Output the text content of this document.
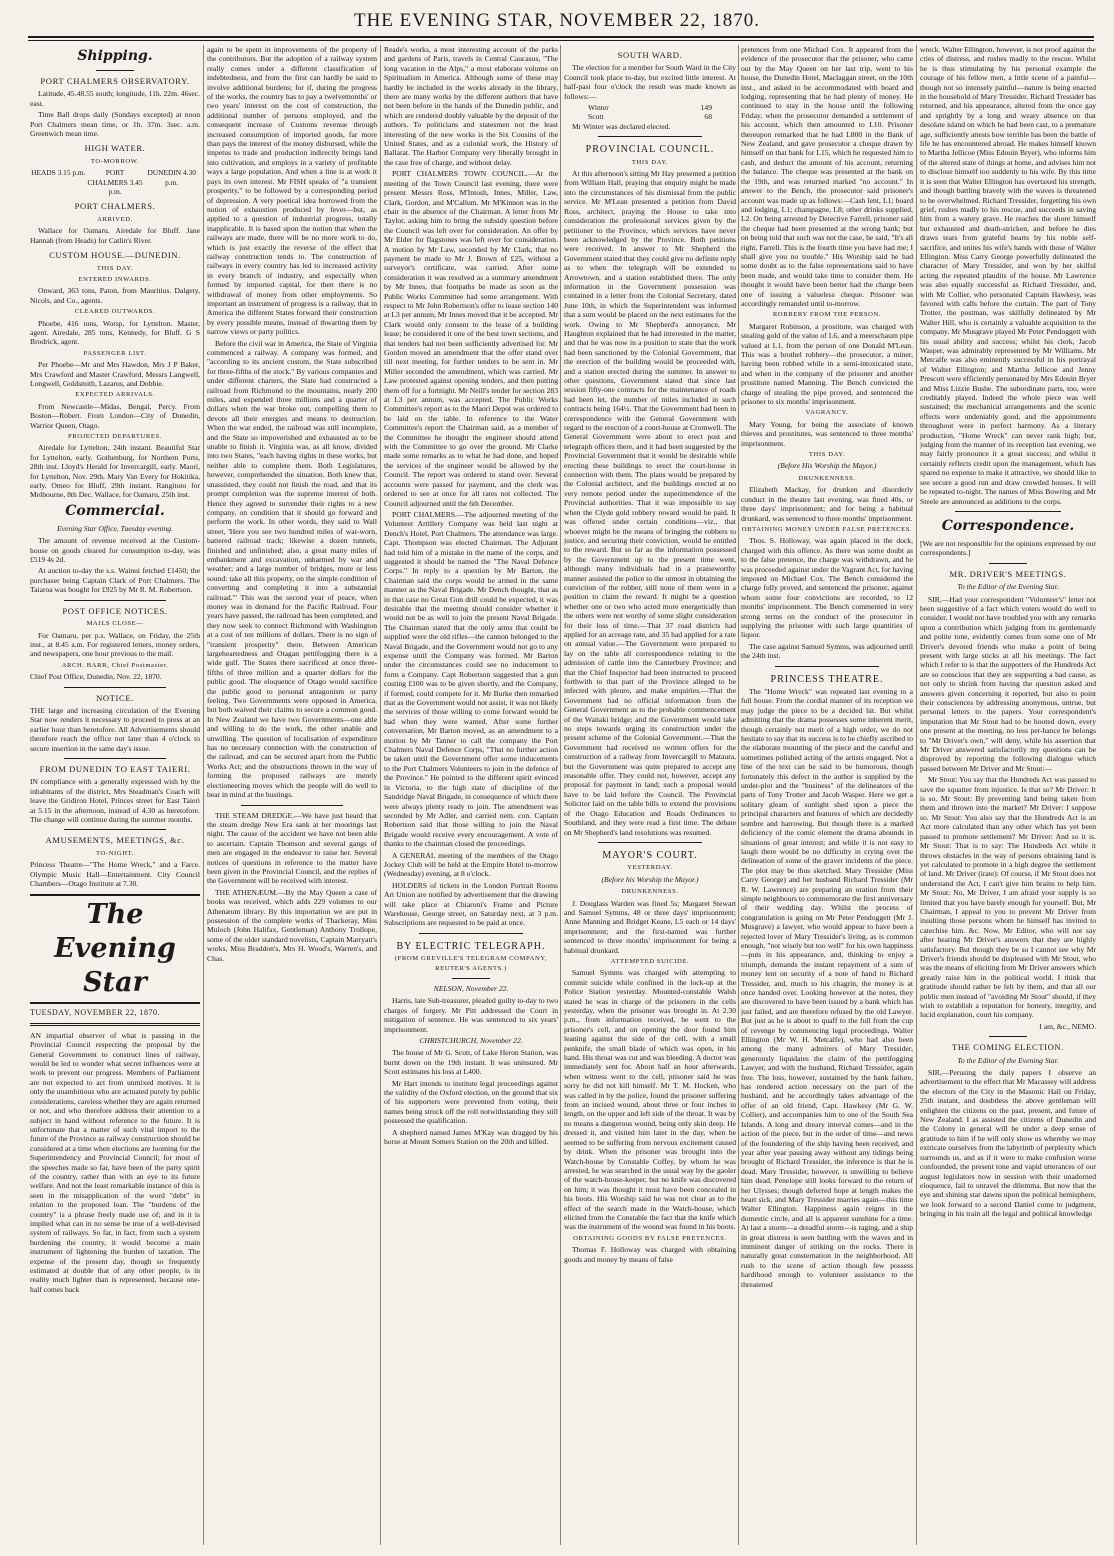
THE EVENING STAR, NOVEMBER 22, 1870.
Shipping.
PORT CHALMERS OBSERVATORY.

Latitude, 45.48.55 south; longitude, 11h. 22m. 46sec. east.

Time Ball drops daily (Sundays excepted) at noon Port Chalmers mean time, or 1h. 37m. 3sec. a.m. Greenwich mean time.

HIGH WATER.
TO-MORROW.
HEADS 3.15 p.m.	PORT CHALMERS 3.45 p.m.
DUNEDIN 4.30 p.m.
PORT CHALMERS.
ARRIVED.

Wallace for Oamaru. Airedale for Bluff. Jane Hannah (from Heads) for Catlin's River.

CUSTOM HOUSE.—DUNEDIN.
THIS DAY.
ENTERED INWARDS.

Onward, 363 tons, Paton, from Mauritius. Dalgety, Nicols, and Co., agents.

CLEARED OUTWARDS.

Phoebe, 416 tons, Worsp, for Lyttelton. Master, agent. Airedale, 285 tons, Kennedy, for Bluff. G S Brodrick, agent.

PASSENGER LIST.

Per Phoebe—Mr and Mrs Hawdon, Mrs J P Baker, Mrs Crawford and Master Crawford, Messrs Langwell, Longwell, Goldsmith, Lazarus, and Dobbie.

EXPECTED ARRIVALS.

From Newcastle—Midas, Bengal, Percy. From Boston—Robert. From London—City of Dunedin, Warrior Queen, Otago.

PROJECTED DEPARTURES.

Airedale for Lyttelton, 24th instant. Beautiful Star for Lyttelton, early. Gothenburg, for Northern Ports, 28th inst. Lloyd's Herald for Invercargill, early. Maori, for Lyttelton, Nov. 29th. Mary Van Every for Hokitika, early. Omeo for Bluff, 29th instant. Rangitoto for Melbourne, 8th Dec. Wallace, for Oamaru, 25th inst.

Commercial.
Evening Star Office, Tuesday evening.

The amount of revenue received at the Custom-house on goods cleared for consumption to-day, was £519 4s 2d.

At auction to-day the s.s. Wainui fetched £1450; the purchaser being Captain Clark of Port Chalmers. The Taiaroa was bought for £925 by Mr R. M. Robertson.

POST OFFICE NOTICES.
MAILS CLOSE—

For Oamaru, per p.s. Wallace, on Friday, the 25th inst., at 8.45 a.m. For registered letters, money orders, and newspapers, one hour previous to the mail.

ARCH. BARR, Chief Postmaster.

Chief Post Office, Dunedin, Nov. 22, 1870.

NOTICE.

THE large and increasing circulation of the Evening Star now renders it necessary to proceed to press at an earlier hour than heretofore. All Advertisements should therefore reach the office not later than 4 o'clock to secure insertion in the same day's issue.

FROM DUNEDIN TO EAST TAIERI.

IN compliance with a generally expressed wish by the inhabitants of the district, Mrs Steadman's Coach will leave the Gridiron Hotel, Princes street for East Taieri at 5.15 in the afternoon, instead of 4.30 as heretofore. The change will continue during the summer months.

AMUSEMENTS, MEETINGS, &c.
TO-NIGHT.

Princess Theatre—"The Home Wreck," and a Farce. Olympic Music Hall—Entertainment. City Council Chambers—Otago Institute at 7.30.

The Evening Star
TUESDAY, NOVEMBER 22, 1870.

AN impartial observer of what is passing in the Provincial Council respecting the proposal by the General Government to construct lines of railway, would be led to wonder what secret influences were at work to prevent our progress. Members of Parliament are not expected to act from unmixed motives. It is only the unambitious who are actuated purely by public considerations, careless whether they are again returned or not, and who therefore address their attention to a subject in hand without reference to the future. It is unfortunate that a matter of such vital import to the future of the Province as railway construction should be considered at a time when elections are looming for the Superintendency and Provincial Council; for most of the speeches made so far, have been of the party spirit of the country, rather than with an eye to its future welfare. And not the least remarkable instance of this is seen in the misapplication of the word "debt" in relation to the proposed loan. The "burdens of the country" is a phrase freely made use of; and in it is implied what can in no sense be true of a well-devised system of railways. So far, in fact, from such a system burdening the country, it would become a main instrument of lightening the burden of taxation. The expense of the present day, though so frequently estimated at double that of any other people, is in reality much lighter than is represented, because one-half comes back

again to be spent in improvements of the property of the contributors. But the adoption of a railway system really comes under a different classification of indebtedness, and from the first can hardly be said to involve additional burdens; for if, during the progress of the works, the country has to pay a twelvemonths' or two years' interest on the cost of construction, the additional number of persons employed, and the consequent increase of Customs revenue through increased consumption of imported goods, far more than pays the interest of the money disbursed, while the impetus to trade and production indirectly brings land into cultivation, and employs in a variety of profitable ways a large population. And when a line is at work it pays its own interest. Mr FISH speaks of "a transient prosperity," to be followed by a corresponding period of depression. A very poetical idea borrowed from the notion of exhaustion produced by fever—but, as applied to a question of industrial progress, totally inapplicable. It is based upon the notion that when the railways are made, there will be no more work to do, which is just exactly the reverse of the effect that railway construction tends to. The construction of railways in every country has led to increased activity in every branch of industry, and especially when formed by imported capital, for then there is no withdrawal of money from other employments. So important an instrument of progress is a railway, that in America the different States forward their construction by every possible means, instead of thwarting them by narrow views or party politics.

Before the civil war in America, the State of Virginia commenced a railway. A company was formed, and "according to its ancient custom, the State subscribed for three-fifths of the stock." By various companies and under different charters, the State had constructed a railroad from Richmond to the mountains, nearly 200 miles, and expended three millions and a quarter of dollars when the war broke out, compelling them to devote all their energies and means to destruction. When the war ended, the railroad was still incomplete, and the State so impoverished and exhausted as to be unable to finish it. Virginia was, as all know, divided into two States, "each having rights in these works, but neither able to complete them. Both Legislatures, however, comprehended the situation. Both knew that, unassisted, they could not finish the road, and that its prompt completion was the supreme interest of both. Hence they agreed to surrender their rights to a new company, on condition that it should go forward and perform the work. In other words, they said to Wall street, 'Here you see two hundred miles of war-worn, battered railroad track; likewise a dozen tunnels, finished and unfinished; also, a great many miles of embankment and excavation, unharmed by war and weather; and a large number of bridges, more or less sound: take all this property, on the simple condition of converting and completing it into a substantial railroad.'" This was the second year of peace, when money was in demand for the Pacific Railroad. Four years have passed, the railroad has been completed, and they now seek to connect Richmond with Washington at a cost of ten millions of dollars. There is no sign of "transient prosperity" there. Between American largeheartedness and Otagan pettifogging there is a wide gulf. The States there sacrificed at once three-fifths of three million and a quarter dollars for the public good. The eloquence of Otago would sacrifice the public good to personal antagonism or party feeling. Two Governments were opposed in America, but both waived their claims to secure a common good. In New Zealand we have two Governments—one able and willing to do the work, the other unable and unwilling. The question of localisation of expenditure has no necessary connection with the construction of the railroad, and can be secured apart from the Public Works Act; and the obstructions thrown in the way of forming the proposed railways are merely electioneering moves which the people will do well to bear in mind at the hustings.

THE STEAM DREDGE.—We have just heard that the steam dredge New Era sank at her moorings last night. The cause of the accident we have not been able to ascertain. Captain Thomson and several gangs of men are engaged in the endeavor to raise her. Several notices of questions in reference to the matter have been given in the Provincial Council, and the replies of the Government will be received with interest.

THE ATHENÆUM.—By the May Queen a case of books was received, which adds 229 volumes to our Athenæum library. By this importation we are put in possession of the complete works of Thackeray, Miss Muloch (John Halifax, Gentleman) Anthony Trollope, some of the older standard novelists, Captain Marryatt's works, Miss Braddon's, Mrs H. Wood's, Warren's, and Chas.

Reade's works, a most interesting account of the parks and gardens of Paris, travels in Central Caucasus, "The long vacation in the Alps," a most elaborate volume on Spiritualism in America. Although some of these may hardly be included in the works already in the library, there are many works by the different authors that have not been before in the hands of the Dunedin public, and which are rendered doubly valuable by the deposit of the authors. To politicians and statesmen not the least interesting of the new works is the Six Cousins of the United States, and as a colonial work, the History of Ballarat. The Harbor Company very liberally brought in the case free of charge, and without delay.

PORT CHALMERS TOWN COUNCIL.—At the meeting of the Town Council last evening, there were present Messrs Ross, M'Intosh, Innes, Miller, Law, Clark, Gordon, and M'Callum. Mr M'Kinnon was in the chair in the absence of the Chairman. A letter from Mr Taylor, asking him to bring the subsidy question before the Council was left over for consideration. An offer by Mr Elder for flagstones was left over for consideration. A motion by Mr Law, seconded by Mr Clark, that no payment be made to Mr J. Brown of £25, without a surveyor's certificate, was carried. After some consideration it was resolved as a summary amendment by Mr Innes, that footpaths be made as soon as the Public Works Committee had some arrangement. With respect to Mr John Robertson's offer to lease section 140 at L3 per annum, Mr Innes moved that it be accepted. Mr Clark would only consent to the lease of a building lease; he considered it one of the best town sections, and that tenders had not been sufficiently advertised for. Mr Gordon moved an amendment that the offer stand over till next meeting, for further tenders to be sent in. Mr Miller seconded the amendment, which was carried. Mr Law protested against opening tenders, and then putting them off for a fortnight. Mr Neill's tender for section 283 at L3 per annum, was accepted. The Public Works Committee's report as to the Maori Depot was ordered to be laid on the table. In reference to the Water Committee's report the Chairman said, as a member of the Committee he thought the engineer should attend with the Committee to go over the ground. Mr Clarke made some remarks as to what he had done, and hoped the services of the engineer would be allowed by the Council. The report was ordered to stand over. Several accounts were passed for payment, and the clerk was ordered to see at once for all rates not collected. The Council adjourned until the 6th December.

PORT CHALMERS.—The adjourned meeting of the Volunteer Artillery Company was held last night at Dench's Hotel, Port Chalmers. The attendance was large. Capt. Thompson was elected Chairman. The Adjutant had told him of a mistake in the name of the corps, and suggested it should be named the "The Naval Defence Corps." In reply to a question by Mr Barton, the Chairman said the corps would be armed in the same manner as the Naval Brigade. Mr Dench thought, that as in that case no Great Gun drill could be expected, it was desirable that the meeting should consider whether it would not be as well to join the present Naval Brigade. The Chairman stated that the only arms that could be supplied were the old rifles—the cannon belonged to the Naval Brigade, and the Government would not go to any expense until the Company was formed. Mr Barton under the circumstances could see no inducement to form a Company. Capt Robertson suggested that a gun costing £100 was to be given shortly, and the Company, if formed, could compete for it. Mr Burke then remarked that as the Government would not assist, it was not likely the services of those willing to come forward would be had when they were wanted. After some further conversation, Mr Barton moved, as an amendment to a motion by Mr Tanner to call the company the Port Chalmers Naval Defence Corps, "That no further action be taken until the Government offer some inducements to the Port Chalmers Volunteers to join in the defence of the Province." He pointed to the different spirit evinced in Victoria, to the high state of discipline of the Sandridge Naval Brigade, in consequence of which there were always plenty ready to join. The amendment was seconded by Mr Adler, and carried nem. con. Captain Robertson said that those willing to join the Naval Brigade would receive every encouragement. A vote of thanks to the chairman closed the proceedings.

A GENERAL meeting of the members of the Otago Jockey Club will be held at the Empire Hotel to-morrow (Wednesday) evening, at 8 o'clock.

HOLDERS of tickets in the London Portrait Rooms Art Union are notified by advertisement that the drawing will take place at Chiaroni's Frame and Picture Warehouse, George street, on Saturday next, at 3 p.m. Subscriptions are requested to be paid at once.

BY ELECTRIC TELEGRAPH.
(FROM GREVILLE'S TELEGRAM COMPANY, REUTER'S AGENTS.)
NELSON, November 22.

Harris, late Sub-treasurer, pleaded guilty to-day to two charges of forgery. Mr Pitt addressed the Court in mitigation of sentence. He was sentenced to six years' imprisonment.

CHRISTCHURCH, November 22.

The house of Mr G. Scott, of Lake Heron Station, was burnt down on the 19th instant. It was uninsured. Mr Scott estimates his loss at L400.

Mr Hart intends to institute legal proceedings against the validity of the Oxford election, on the ground that six of his supporters were prevented from voting, their names being struck off the roll notwithstanding they still possessed the qualification.

A shepherd named James M'Kay was dragged by his horse at Mount Somers Station on the 20th and killed.

SOUTH WARD.

The election for a member for South Ward in the City Council took place to-day, but excited little interest. At half-past four o'clock the result was made known as follows:—

Winter	149
Scott	68

Mr Winter was declared elected.

PROVINCIAL COUNCIL.
THIS DAY.

At this afternoon's sitting Mr Hay presented a petition from William Hall, praying that enquiry might be made into the circumstances of his dismissal from the public service. Mr M'Lean presented a petition from David Ross, architect, praying the House to take into consideration the professional services given by the petitioner to the Province, which services have never been acknowledged by the Province. Both petitions were received. In answer to Mr Shepherd the Government stated that they could give no definite reply as to when the telegraph will be extended to Arrowtown, and a station established there. The only information in the Government possession was contained in a letter from the Colonial Secretary, dated June 10th, in which the Superintendent was informed that a sum would be placed on the next estimates for the work. Owing to Mr Shepherd's annoyance, Mr Haughton explained that he had interested in the matter, and that he was now in a position to state that the work had been sanctioned by the Colonial Government, that the erection of the building would be proceeded with, and a station erected during the summer. In answer to other questions, Government stated that since last session fifty-one contracts for the maintenance of roads had been let, the number of miles included in such contracts being 164½. That the Government had been in correspondence with the General Government with regard to the erection of a court-house at Cromwell. The General Government were about to erect post and telegraph offices there, and it had been suggested by the Provincial Government that it would be desirable while erecting these buildings to erect the court-house in connection with them. The plans would be prepared by the Colonial architect, and the buildings erected at no very remote period under the superintendence of the Provincial authorities. That it was impossible to say when the Clyde gold robbery reward would be paid. It was offered under certain conditions—viz., that whoever might be the means of bringing the robbers to justice, and securing their conviction, would be entitled to the reward. But so far as the information possessed by the Government up to the present time went, although many individuals had in a praiseworthy manner assisted the police to the utmost in obtaining the conviction of the robber, still none of them were in a position to claim the reward. It might be a question whether one or two who acted more energetically than the others were not worthy of some slight consideration for their loss of time.—That 37 road districts had applied for an acreage rate, and 35 had applied for a rate on annual value.—The Government were prepared to lay on the table all correspondence relating to the admission of cattle into the Canterbury Province; and that the Chief Inspector had been instructed to proceed forthwith to that part of the Province alleged to be infected with pleuro, and make enquiries.—That the Government had no official information from the General Government as to the probable commencement of the Waitaki bridge; and the Government would take no steps towards urging its construction under the present scheme of the Colonial Government.—That the Government had received no written offers for the construction of a railway from Invercargill to Mataura, but the Government was quite prepared to accept any reasonable offer. They could not, however, accept any proposal for payment in land; such a proposal would have to be laid before the Council. The Provincial Solicitor laid on the table bills to extend the provisions of the Otago Education and Roads Ordinances to Southland, and they were read a first time. The debate on Mr Shepherd's land resolutions was resumed.

MAYOR'S COURT.
YESTERDAY.
(Before his Worship the Mayor.)
DRUNKENNESS.

J. Douglass Warden was fined 5s; Margaret Stewart and Samuel Symms, 48 or three days' imprisonment; Anne Manning and Bridget Keane, L5 each or 14 days' imprisonment; and the first-named was further sentenced to three months' imprisonment for being a habitual drunkard.

ATTEMPTED SUICIDE.

Samuel Symms was charged with attempting to commit suicide while confined in the lock-up at the Police Station yesterday. Mounted-constable Walsh stated he was in charge of the prisoners in the cells yesterday, when the prisoner was brought in. At 2.30 p.m., from information received, he went to the prisoner's cell, and on opening the door found him leaning against the side of the cell, with a small penknife, the small blade of which was open, in his hand. His throat was cut and was bleeding. A doctor was immediately sent for. About half an hour afterwards, when witness went to the cell, prisoner said he was sorry he did not kill himself. Mr T. M. Hocken, who was called in by the police, found the prisoner suffering from an incised wound, about three or four inches in length, on the upper and left side of the throat. It was by no means a dangerous wound, being only skin deep. He dressed it, and visited him later in the day, when he seemed to be suffering from nervous excitement caused by drink. When the prisoner was brought into the Watch-house by Constable Coffey, by whom he was arrested, he was searched in the usual way by the gaoler of the watch-house-keeper, but no knife was discovered on him; it was thought it must have been concealed in his boots. His Worship said he was not clear as to the effect of the search made in the Watch-house, which elicited from the Constable the fact that the knife which was the instrument of the wound was found in his boots.

OBTAINING GOODS BY FALSE PRETENCES.

Thomas F. Holloway was charged with obtaining goods and money by means of false

pretences from one Michael Cox. It appeared from the evidence of the prosecutor that the prisoner, who came out by the May Queen on her last trip, went to his house, the Dunedin Hotel, Maclaggan street, on the 10th inst., and asked to be accommodated with board and lodging, representing that he had plenty of money. He continued to stay in the house until the following Friday, when the prosecutor demanded a settlement of his account, which then amounted to L10. Prisoner thereupon remarked that he had L800 in the Bank of New Zealand, and gave prosecutor a cheque drawn by himself on that bank for L15, which he requested him to cash, and deduct the amount of his account, returning the balance. The cheque was presented at the bank on the 19th, and was returned marked "no account." In answer to the Bench, the prosecutor said prisoner's account was made up as follows:—Cash lent, L1; board and lodging, L1; champagne, L8; other drinks supplied, L2. On being arrested by Detective Farrell, prisoner said the cheque had been presented at the wrong bank; but on being told that such was not the case, he said, "It's all right, Farrell. This is the fourth time you have had me; I shall give you no trouble." His Worship said he had some doubt as to the false representations said to have been made, and would take time to consider them. He thought it would have been better had the charge been one of issuing a valueless cheque. Prisoner was accordingly remanded until to-morrow.

ROBBERY FROM THE PERSON.

Margaret Robinson, a prostitute, was charged with stealing gold of the value of L6, and a meerschaum pipe valued at L1, from the person of one Donald M'Lean. This was a brothel robbery—the prosecutor, a miner, having been robbed while in a semi-intoxicated state, and when in the company of the prisoner and another prostitute named Manning. The Bench convicted the charge of stealing the pipe proved, and sentenced the prisoner to six months' imprisonment.

VAGRANCY.

Mary Young, for being the associate of known thieves and prostitutes, was sentenced to three months' imprisonment.

THIS DAY.
(Before His Worship the Mayor.)
DRUNKENNESS.

Elizabeth Mackay, for drunken and disorderly conduct in the theatre last evening, was fined 40s, or three days' imprisonment; and for being a habitual drunkard, was sentenced to three months' imprisonment.

OBTAINING MONEY UNDER FALSE PRETENCES.

Thos. S. Holloway, was again placed in the dock, charged with this offence. As there was some doubt as to the false pretence, the charge was withdrawn, and he was proceeded against under the Vagrant Act, for having imposed on Michael Cox. The Bench considered the charge fully proved, and sentenced the prisoner, against whom some four convictions are recorded, to 12 months' imprisonment. The Bench commented in very strong terms on the conduct of the prosecutor in supplying the prisoner with such large quantities of liquor.

The case against Samuel Symms, was adjourned until the 24th inst.

PRINCESS THEATRE.

The "Home Wreck" was repeated last evening to a full house. From the cordial manner of its reception we may judge the piece to be a decided hit. But whilst admitting that the drama possesses some inherent merit, though certainly not merit of a high order, we do not hesitate to say that its success is to be chiefly ascribed to the elaborate mounting of the piece and the careful and sometimes polished acting of the artists engaged. Not a line of the text can be said to be humorous, though fortunately this defect in the author is supplied by the under-plot and the "business" of the delineators of the parts of Tony Trotter and Jacob Wasper. Here we get a solitary gleam of sunlight shed upon a piece the principal characters and features of which are decidedly sombre and harrowing. But though there is a marked deficiency of the comic element the drama abounds in situations of great interest; and while it is not easy to laugh there would be no difficulty in crying over the delineation of some of the graver incidents of the piece. The plot may be thus sketched. Mary Tressider (Miss Carry George) and her husband Richard Tressider (Mr R. W. Lawrence) are preparing an oration from their simple neighbours to commemorate the first anniversary of their wedding day. Whilst the process of congratulation is going on Mr Peter Pendoggett (Mr J. Musgrave) a lawyer, who would appear to have been a rejected lover of Mary Tressider's living, as is common enough, "not wisely but too well" for his own happiness—puts in his appearance, and, thinking to enjoy a triumph, demands the instant repayment of a sum of money lent on security of a note of hand to Richard Tressider, and, much to his chagrin, the money is at once handed over. Looking however at the notes, they are discovered to have been issued by a bank which has just failed, and are therefore refused by the old Lawyer. But just as he is about to quaff to the full from the cup of revenge by commencing legal proceedings, Walter Ellington (Mr W. H. Metcalfe), who had also been among the many admirers of Mary Tressider, generously liquidates the claim of the pettifogging Lawyer, and with the husband, Richard Tressider, again free. The loss, however, sustained by the bank failure, has rendered action necessary on the part of the husband, and he accordingly takes advantage of the offer of an old friend, Capt. Hawkesy (Mr G. W. Collier), and accompanies him to one of the South Sea Islands. A long and dreary interval comes—and in the action of the piece, but in the order of time—and news of the foundering of the ship having been received, and year after year passing away without any tidings being brought of Richard Tressider, the inference is that he is dead. Mary Tressider, however, is unwilling to believe him dead. Penelope still looks forward to the return of her Ulysses; though deferred hope at length makes the heart sick, and Mary Tressider marries again—this time Walter Ellington. Happiness again reigns in the domestic circle, and all is apparent sunshine for a time. At last a storm—a dreadful storm—is raging, and a ship in great distress is seen battling with the waves and in imminent danger of striking on the rocks. There is naturally great consternation in the neighborhood. All rush to the scene of action though few possess hardihood enough to volunteer assistance to the threatened

wreck. Walter Ellington, however, is not proof against the cries of distress, and rushes madly to the rescue. Whilst he is thus stimulating by his personal example the courage of his fellow men, a little scene of a painful—though not so intensely painful—nature is being enacted in the household of Mary Tressider. Richard Tressider has returned, and his appearance, altered from the once gay and sprightly by a long and weary absence on that desolate island on which he had been cast, to a premature age, sufficiently attests how terrible has been the battle of life he has encountered abroad. He makes himself known to Martha Jellicoe (Miss Edouin Bryer), who informs him of the altered state of things at home, and advises him not to disclose himself too suddenly to his wife. By this time it is seen that Walter Ellington has overtaxed his strength, and though battling bravely with the waves is threatened to be overwhelmed. Richard Tressider, forgetting his own grief, rushes madly to his rescue, and succeeds in saving him from a watery grave. He reaches the shore himself but exhausted and death-stricken, and before he dies draws tears from grateful hearts by his noble self-sacrifice, and unites his wife's hands with those of Walter Ellington. Miss Carry George powerfully delineated the character of Mary Tressider, and won by her skilful acting the repeated plaudits of the house. Mr Lawrence was also equally successful as Richard Tressider, and, with Mr Collier, who personated Captain Hawkesy, was favored with calls before the curtain. The part of Tony Trotter, the postman, was skilfully delineated by Mr Walter Hill, who is certainly a valuable acquisition to the company. Mr Musgrave played Mr Peter Pendoggett with his usual ability and success; whilst his clerk, Jacob Wasper, was admirably represented by Mr Williams. Mr Metcalfe was also eminently successful in his portrayal of Walter Ellington; and Martha Jellicoe and Jenny Prescott were efficiently personated by Mrs Edouin Bryer and Miss Lizzie Bushe. The subordinate parts, too, were creditably played. Indeed the whole piece was well sustained; the mechanical arrangements and the scenic effects were undeniably good, and the appointments throughout were in perfect harmony. As a literary production, "Home Wreck" can never rank high; but, judging from the manner of its reception last evening, we may fairly pronounce it a great success; and whilst it certainly reflects credit upon the management, which has spared no expense to make it attractive, we should like to see secure a good run and draw crowded houses. It will be repeated to-night. The names of Miss Bowring and Mr Steele are announced as additions to the corps.

Correspondence.

[We are not responsible for the opinions expressed by our correspondents.]

MR. DRIVER'S MEETINGS.
To the Editor of the Evening Star.

SIR,—Had your correspondent "Volunteer's" letter not been suggestive of a fact which voters would do well to consider, I would not have troubled you with any remarks upon a contribution which judging from its gentlemanly and polite tone, evidently comes from some one of Mr Driver's devoted friends who make a point of being present with large sticks at all his meetings. The fact which I refer to is that the supporters of the Hundreds Act are so conscious that they are supporting a bad cause, as not only to shrink from having the question asked and answers given concerning it reported, but also to point their consciences by addressing anonymous, untrue, but personal letters to the papers. Your correspondent's imputation that Mr Stout had to be hooted down, every one present at the meeting, no less per-hance he belongs to "Mr Driver's own," will deny, while his assertion that Mr Driver answered satisfactorily my questions can be disproved by reporting the following dialogue which passed between Mr Driver and Mr Stout:—

Mr Stout: You say that the Hundreds Act was passed to save the squatter from injustice. Is that so? Mr Driver: It is so. Mr Stout: By preventing land being taken from them and thrown into the market? Mr Driver: I suppose so. Mr Stout: You also say that the Hundreds Act is an Act more calculated than any other which has yet been passed to promote settlement? Mr Driver: And so it is. Mr Stout: That is to say: The Hundreds Act while it throws obstacles in the way of persons obtaining land is yet calculated to promote in a high degree the settlement of land. Mr Driver (irate): Of course, if Mr Stout does not understand the Act, I can't give him brains to help him. Mr Stout: No, Mr Driver, I am afraid your supply is so limited that you have barely enough for yourself. But, Mr Chairman, I appeal to you to prevent Mr Driver from insulting those persons whom he himself has invited to catechise him. &c. Now, Mr Editor, who will not say after hearing Mr Driver's answers that they are highly satisfactory. But though they be so I cannot see why Mr Driver's friends should be displeased with Mr Stout, who was the means of eliciting from Mr Driver answers which greatly raise him in the political world. I think that gratitude should rather be felt by them, and that all our public men instead of "avoiding Mr Stout" should, if they wish to establish a reputation for honesty, integrity, and lucid explanation, court his company.

I am, &c., NEMO.

THE COMING ELECTION.
To the Editor of the Evening Star.

SIR,—Perusing the daily papers I observe an advertisement to the effect that Mr Macassey will address the electors of the City in the Masonic Hall on Friday, 25th instant, and doubtless the above gentleman will enlighten the citizens on the past, present, and future of New Zealand. I as assisted the citizens of Dunedin and the Colony in general will be under a deep sense of gratitude to him if he will only show us whereby we may extricate ourselves from the labyrinth of perplexity which surrounds us, and as if it were to make confusion worse confounded, the present tone and vapid utterances of our august legislators now in session with their unadorned eloquence, fail to unravel the dilemma. But now that the eye and shining star dawns upon the political hemisphere, we look forward to a second Daniel come to judgment, bringing in his train all the legal and political knowledge
